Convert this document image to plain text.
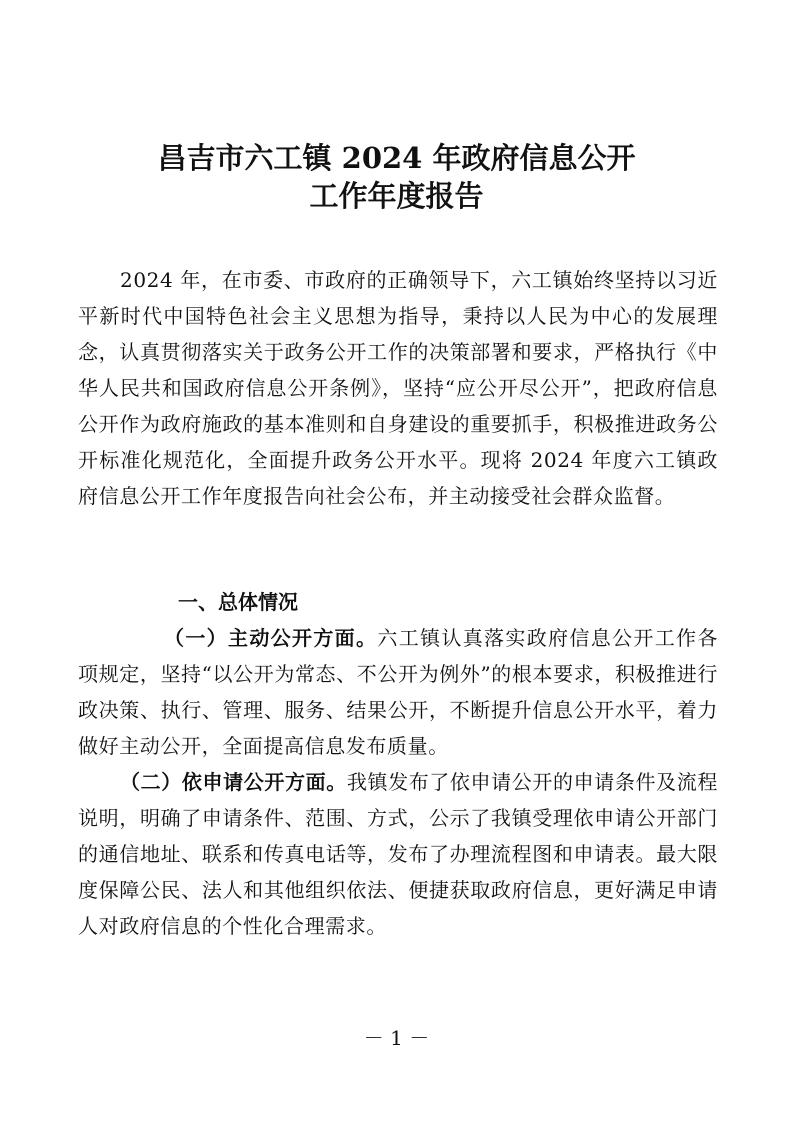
昌吉市六工镇 2024 年政府信息公开
工作年度报告

2024 年，在市委、市政府的正确领导下，六工镇始终坚持以习近平新时代中国特色社会主义思想为指导，秉持以人民为中心的发展理念，认真贯彻落实关于政务公开工作的决策部署和要求，严格执行《中华人民共和国政府信息公开条例》，坚持“应公开尽公开”，把政府信息公开作为政府施政的基本准则和自身建设的重要抓手，积极推进政务公开标准化规范化，全面提升政务公开水平。现将 2024 年度六工镇政府信息公开工作年度报告向社会公布，并主动接受社会群众监督。

一、总体情况

（一）主动公开方面。六工镇认真落实政府信息公开工作各项规定，坚持“以公开为常态、不公开为例外”的根本要求，积极推进行政决策、执行、管理、服务、结果公开，不断提升信息公开水平，着力做好主动公开，全面提高信息发布质量。

（二）依申请公开方面。我镇发布了依申请公开的申请条件及流程说明，明确了申请条件、范围、方式，公示了我镇受理依申请公开部门的通信地址、联系和传真电话等，发布了办理流程图和申请表。最大限度保障公民、法人和其他组织依法、便捷获取政府信息，更好满足申请人对政府信息的个性化合理需求。

－ 1 －
